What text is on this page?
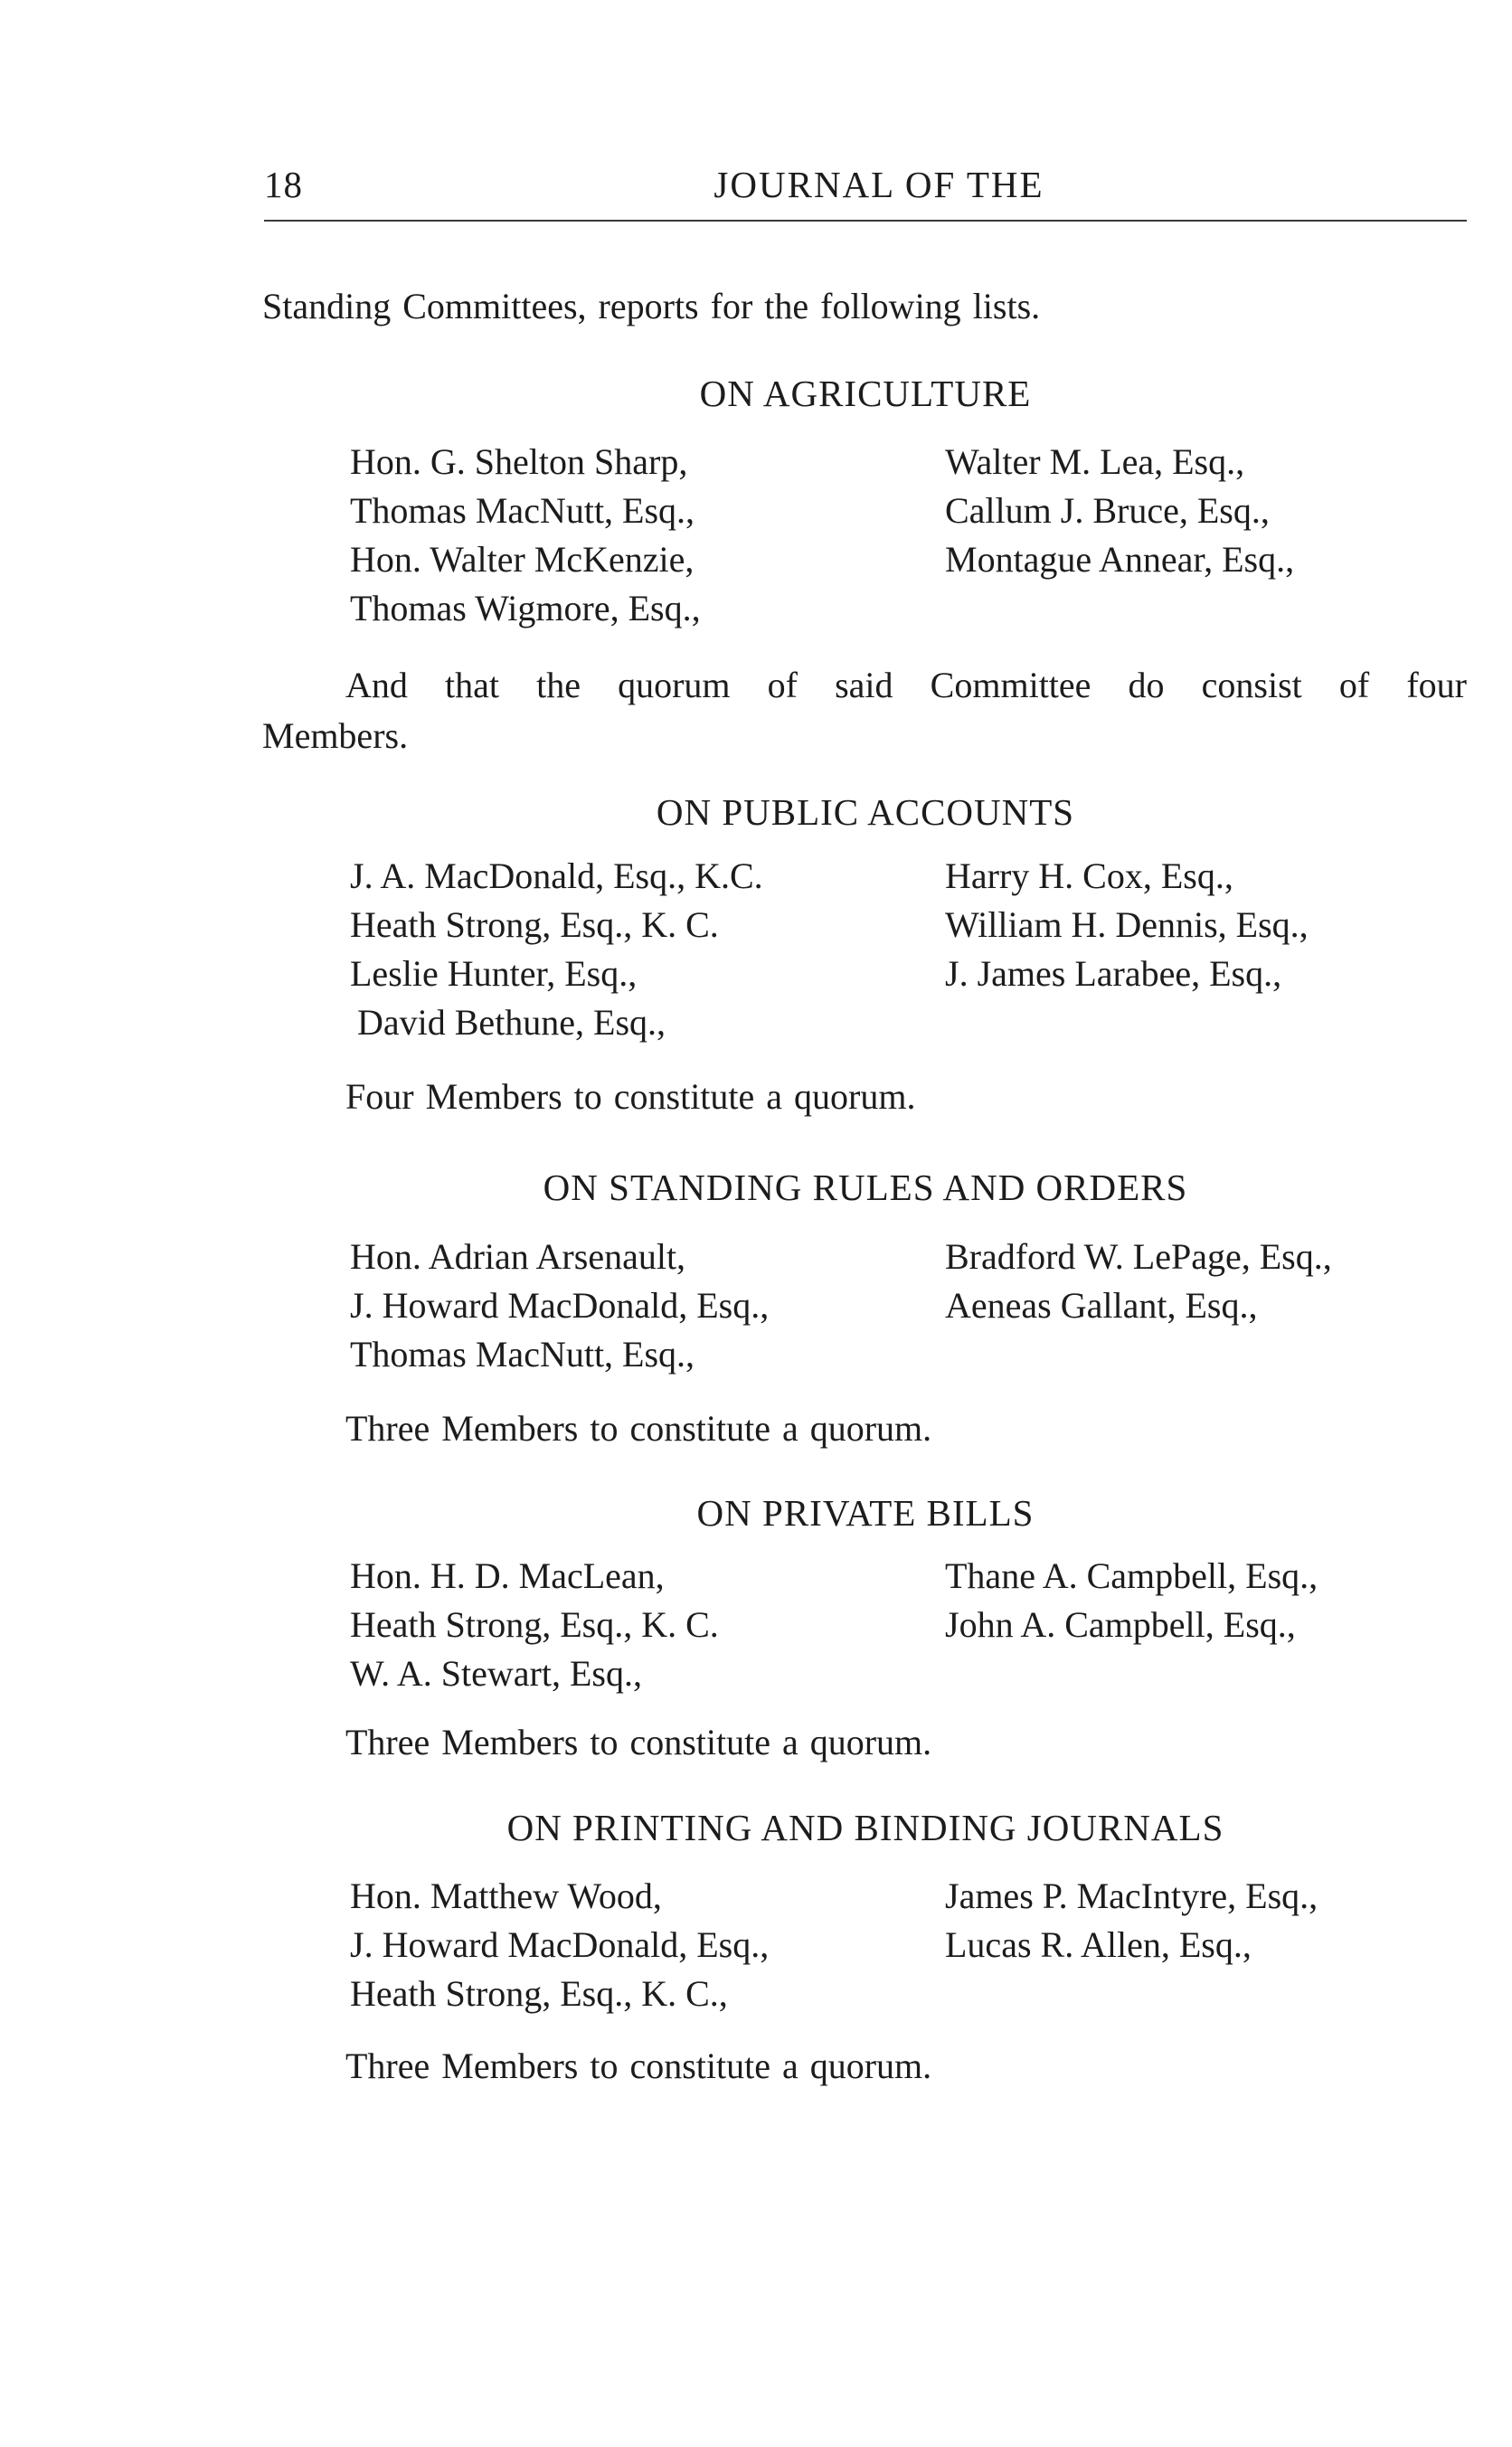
18	JOURNAL OF THE
Standing Committees, reports for the following lists.
ON AGRICULTURE
Hon. G. Shelton Sharp,
Thomas MacNutt, Esq.,
Hon. Walter McKenzie,
Thomas Wigmore, Esq.,
Walter M. Lea, Esq.,
Callum J. Bruce, Esq.,
Montague Annear, Esq.,
And that the quorum of said Committee do consist of four
Members.
ON PUBLIC ACCOUNTS
J. A. MacDonald, Esq., K.C.
Heath Strong, Esq., K. C.
Leslie Hunter, Esq.,
David Bethune, Esq.,
Harry H. Cox, Esq.,
William H. Dennis, Esq.,
J. James Larabee, Esq.,
Four Members to constitute a quorum.
ON STANDING RULES AND ORDERS
Hon. Adrian Arsenault,
J. Howard MacDonald, Esq.,
Thomas MacNutt, Esq.,
Bradford W. LePage, Esq.,
Aeneas Gallant, Esq.,
Three Members to constitute a quorum.
ON PRIVATE BILLS
Hon. H. D. MacLean,
Heath Strong, Esq., K. C.
W. A. Stewart, Esq.,
Thane A. Campbell, Esq.,
John A. Campbell, Esq.,
Three Members to constitute a quorum.
ON PRINTING AND BINDING JOURNALS
Hon. Matthew Wood,
J. Howard MacDonald, Esq.,
Heath Strong, Esq., K. C.,
James P. MacIntyre, Esq.,
Lucas R. Allen, Esq.,
Three Members to constitute a quorum.
